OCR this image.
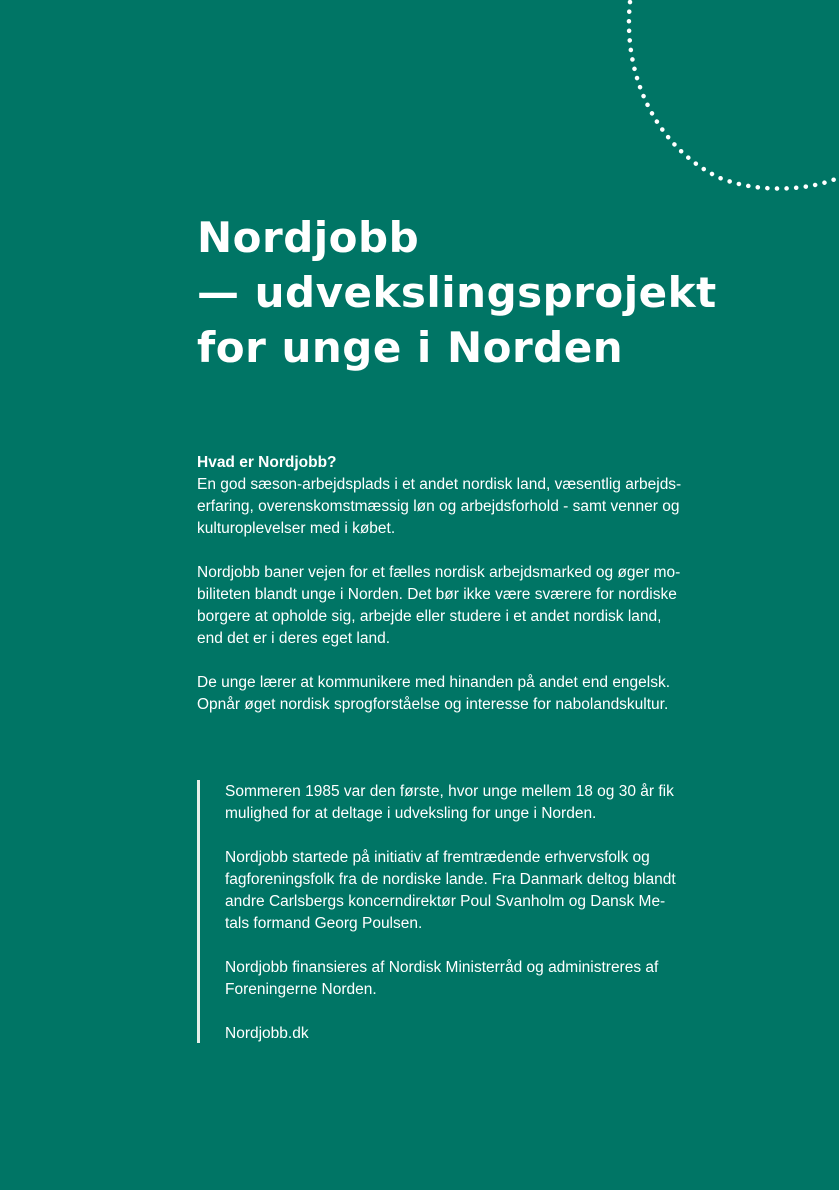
Nordjobb
— udvekslingsprojekt
for unge i Norden
Hvad er Nordjobb?

En god sæson-arbejdsplads i et andet nordisk land, væsentlig arbejds-
erfaring, overenskomstmæssig løn og arbejdsforhold - samt venner og
kulturoplevelser med i købet.

Nordjobb baner vejen for et fælles nordisk arbejdsmarked og øger mo-
biliteten blandt unge i Norden. Det bør ikke være sværere for nordiske
borgere at opholde sig, arbejde eller studere i et andet nordisk land,
end det er i deres eget land.

De unge lærer at kommunikere med hinanden på andet end engelsk.
Opnår øget nordisk sprogforståelse og interesse for nabolandskultur.

Sommeren 1985 var den første, hvor unge mellem 18 og 30 år fik
mulighed for at deltage i udveksling for unge i Norden.

Nordjobb startede på initiativ af fremtrædende erhvervsfolk og
fagforeningsfolk fra de nordiske lande. Fra Danmark deltog blandt
andre Carlsbergs koncerndirektør Poul Svanholm og Dansk Me-
tals formand Georg Poulsen.

Nordjobb finansieres af Nordisk Ministerråd og administreres af
Foreningerne Norden.

Nordjobb.dk
